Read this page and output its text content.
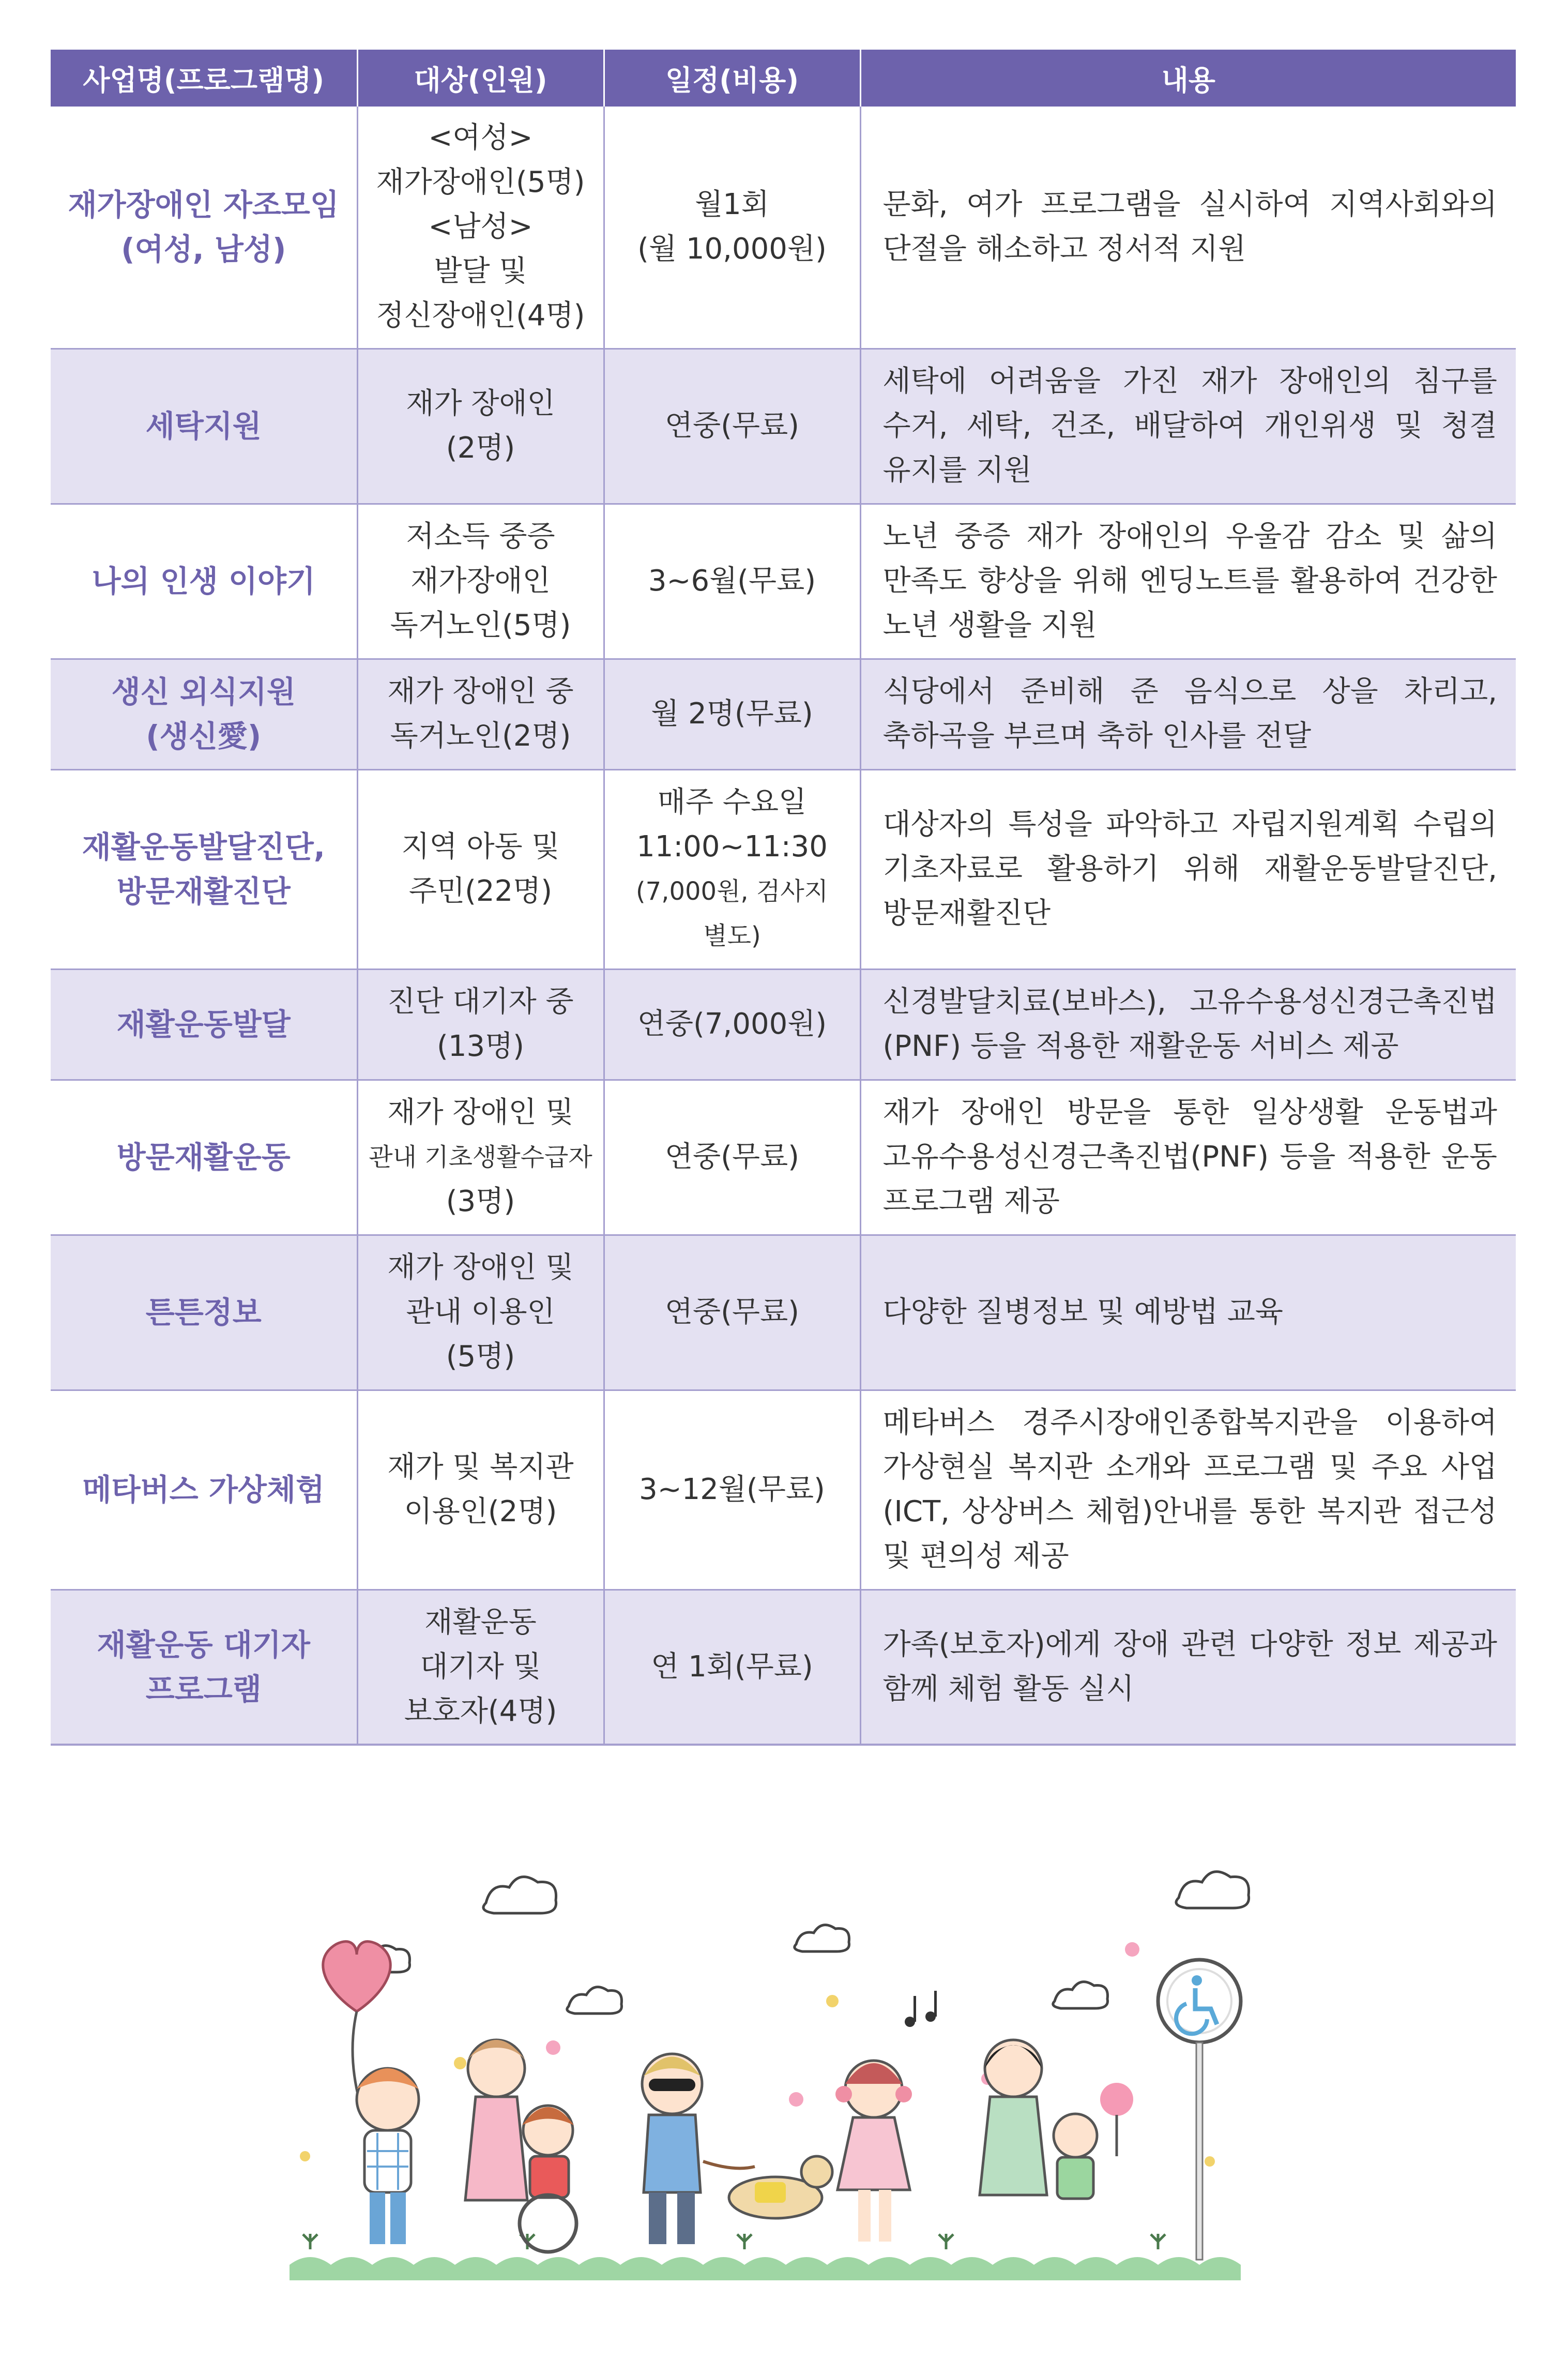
사업명(프로그램명)	대상(인원)	일정(비용)	내용

재가장애인 자조모임
(여성, 남성)	<여성>
재가장애인(5명)
<남성>
발달 및
정신장애인(4명)	월1회
(월 10,000원)	문화, 여가 프로그램을 실시하여 지역사회와의 단절을 해소하고 정서적 지원

세탁지원	재가 장애인
(2명)	연중(무료)	세탁에 어려움을 가진 재가 장애인의 침구를 수거, 세탁, 건조, 배달하여 개인위생 및 청결 유지를 지원

나의 인생 이야기	저소득 중증
재가장애인
독거노인(5명)	3~6월(무료)	노년 중증 재가 장애인의 우울감 감소 및 삶의 만족도 향상을 위해 엔딩노트를 활용하여 건강한 노년 생활을 지원

생신 외식지원
(생신愛)	재가 장애인 중
독거노인(2명)	월 2명(무료)	식당에서 준비해 준 음식으로 상을 차리고, 축하곡을 부르며 축하 인사를 전달

재활운동발달진단,
방문재활진단	지역 아동 및
주민(22명)	매주 수요일
11:00~11:30
(7,000원, 검사지
별도)	대상자의 특성을 파악하고 자립지원계획 수립의 기초자료로 활용하기 위해 재활운동발달진단, 방문재활진단

재활운동발달	진단 대기자 중
(13명)	연중(7,000원)	신경발달치료(보바스), 고유수용성신경근촉진법(PNF) 등을 적용한 재활운동 서비스 제공

방문재활운동	재가 장애인 및
관내 기초생활수급자
(3명)	연중(무료)	재가 장애인 방문을 통한 일상생활 운동법과 고유수용성신경근촉진법(PNF) 등을 적용한 운동 프로그램 제공

튼튼정보	재가 장애인 및
관내 이용인
(5명)	연중(무료)	다양한 질병정보 및 예방법 교육

메타버스 가상체험	재가 및 복지관
이용인(2명)	3~12월(무료)	메타버스 경주시장애인종합복지관을 이용하여 가상현실 복지관 소개와 프로그램 및 주요 사업(ICT, 상상버스 체험)안내를 통한 복지관 접근성 및 편의성 제공

재활운동 대기자
프로그램	재활운동
대기자 및
보호자(4명)	연 1회(무료)	가족(보호자)에게 장애 관련 다양한 정보 제공과 함께 체험 활동 실시
